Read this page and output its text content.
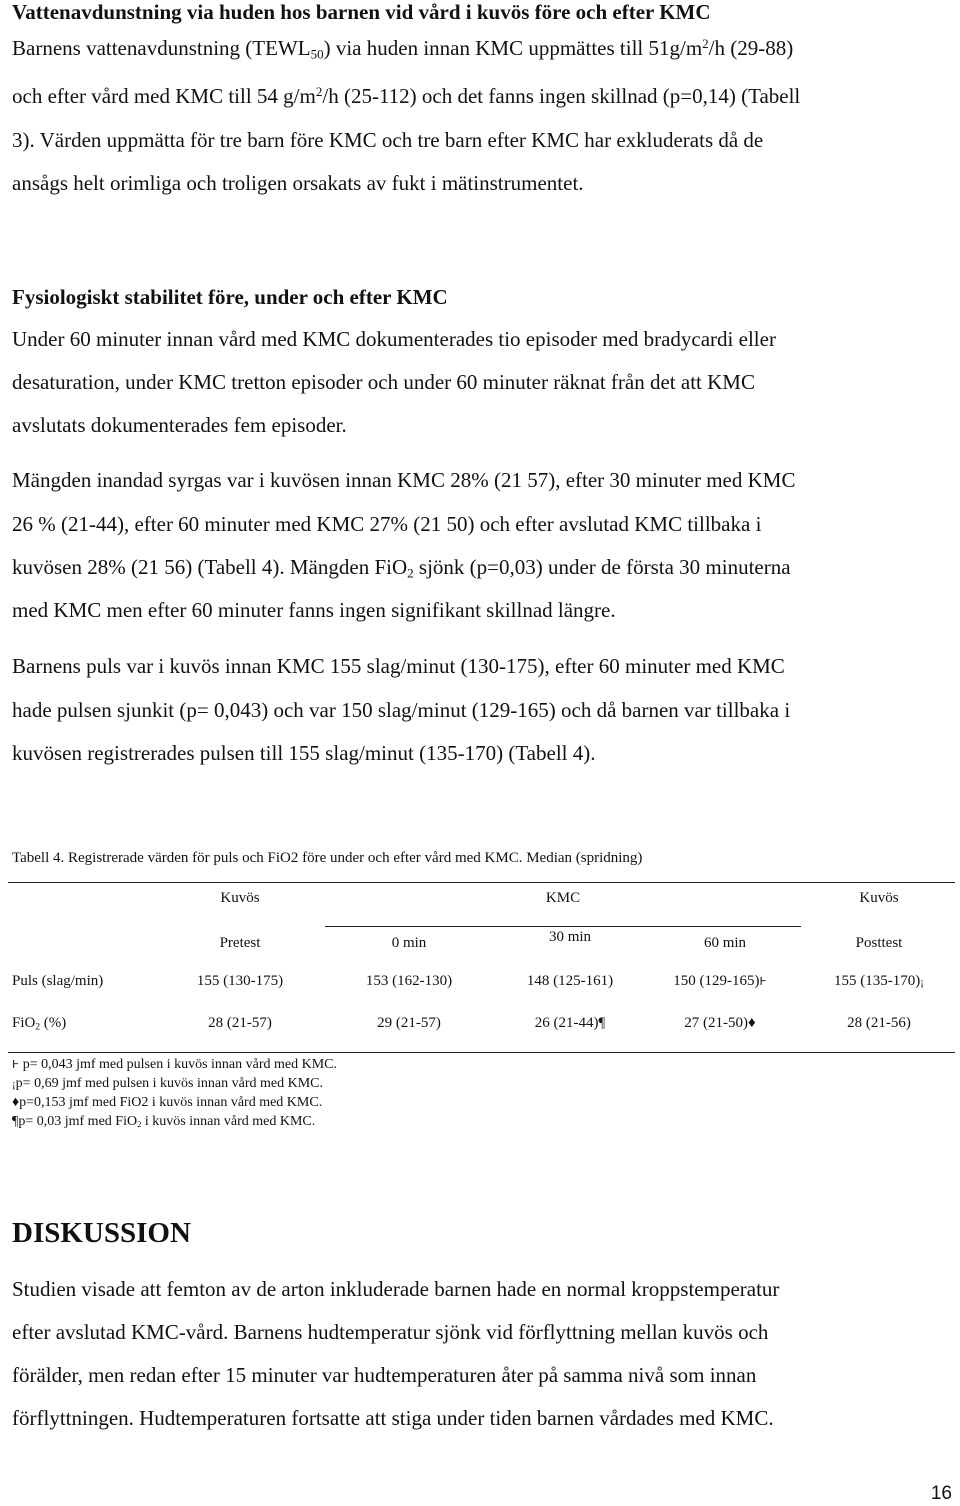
Vattenavdunstning via huden hos barnen vid vård i kuvös före och efter KMC
Barnens vattenavdunstning $(TEWL_{50})$ via huden innan KMC uppmättes till $51g/m^2/h$ (29-88)
och efter vård med KMC till 54 $g/m^2/h$ (25-112) och det fanns ingen skillnad (p=0,14) (Tabell
3). Värden uppmätta för tre barn före KMC och tre barn efter KMC har exkluderats då de
ansågs helt orimliga och troligen orsakats av fukt i mätinstrumentet.
Fysiologiskt stabilitet före, under och efter KMC
Under 60 minuter innan vård med KMC dokumenterades tio episoder med bradycardi eller
desaturation, under KMC tretton episoder och under 60 minuter räknat från det att KMC
avslutats dokumenterades fem episoder.
Mängden inandad syrgas var i kuvösen innan KMC 28% (21 57), efter 30 minuter med KMC
26 % (21-44), efter 60 minuter med KMC 27% (21 50) och efter avslutad KMC tillbaka i
kuvösen 28% (21 56) (Tabell 4). Mängden FiO$_2$ sjönk (p=0,03) under de första 30 minuterna
med KMC men efter 60 minuter fanns ingen signifikant skillnad längre.
Barnens puls var i kuvös innan KMC 155 slag/minut (130-175), efter 60 minuter med KMC
hade pulsen sjunkit (p= 0,043) och var 150 slag/minut (129-165) och då barnen var tillbaka i
kuvösen registrerades pulsen till 155 slag/minut (135-170) (Tabell 4).
Tabell 4. Registrerade värden för puls och FiO2 före under och efter vård med KMC. Median (spridning)
Kuvös	KMC	Kuvös
Pretest	0 min	30 min	60 min	Posttest
Puls (slag/min)	155 (130-175)	153 (162-130)	148 (125-161)	150 (129-165)Ͱ	155 (135-170)¡
FiO$_2$ (%)	28 (21-57)	29 (21-57)	26 (21-44)¶	27 (21-50)♦	28 (21-56)
Ͱ p= 0,043 jmf med pulsen i kuvös innan vård med KMC.
¡p= 0,69 jmf med pulsen i kuvös innan vård med KMC.
♦p=0,153 jmf med FiO2 i kuvös innan vård med KMC.
¶p= 0,03 jmf med FiO$_2$ i kuvös innan vård med KMC.
DISKUSSION
Studien visade att femton av de arton inkluderade barnen hade en normal kroppstemperatur
efter avslutad KMC-vård. Barnens hudtemperatur sjönk vid förflyttning mellan kuvös och
förälder, men redan efter 15 minuter var hudtemperaturen åter på samma nivå som innan
förflyttningen. Hudtemperaturen fortsatte att stiga under tiden barnen vårdades med KMC.
16
